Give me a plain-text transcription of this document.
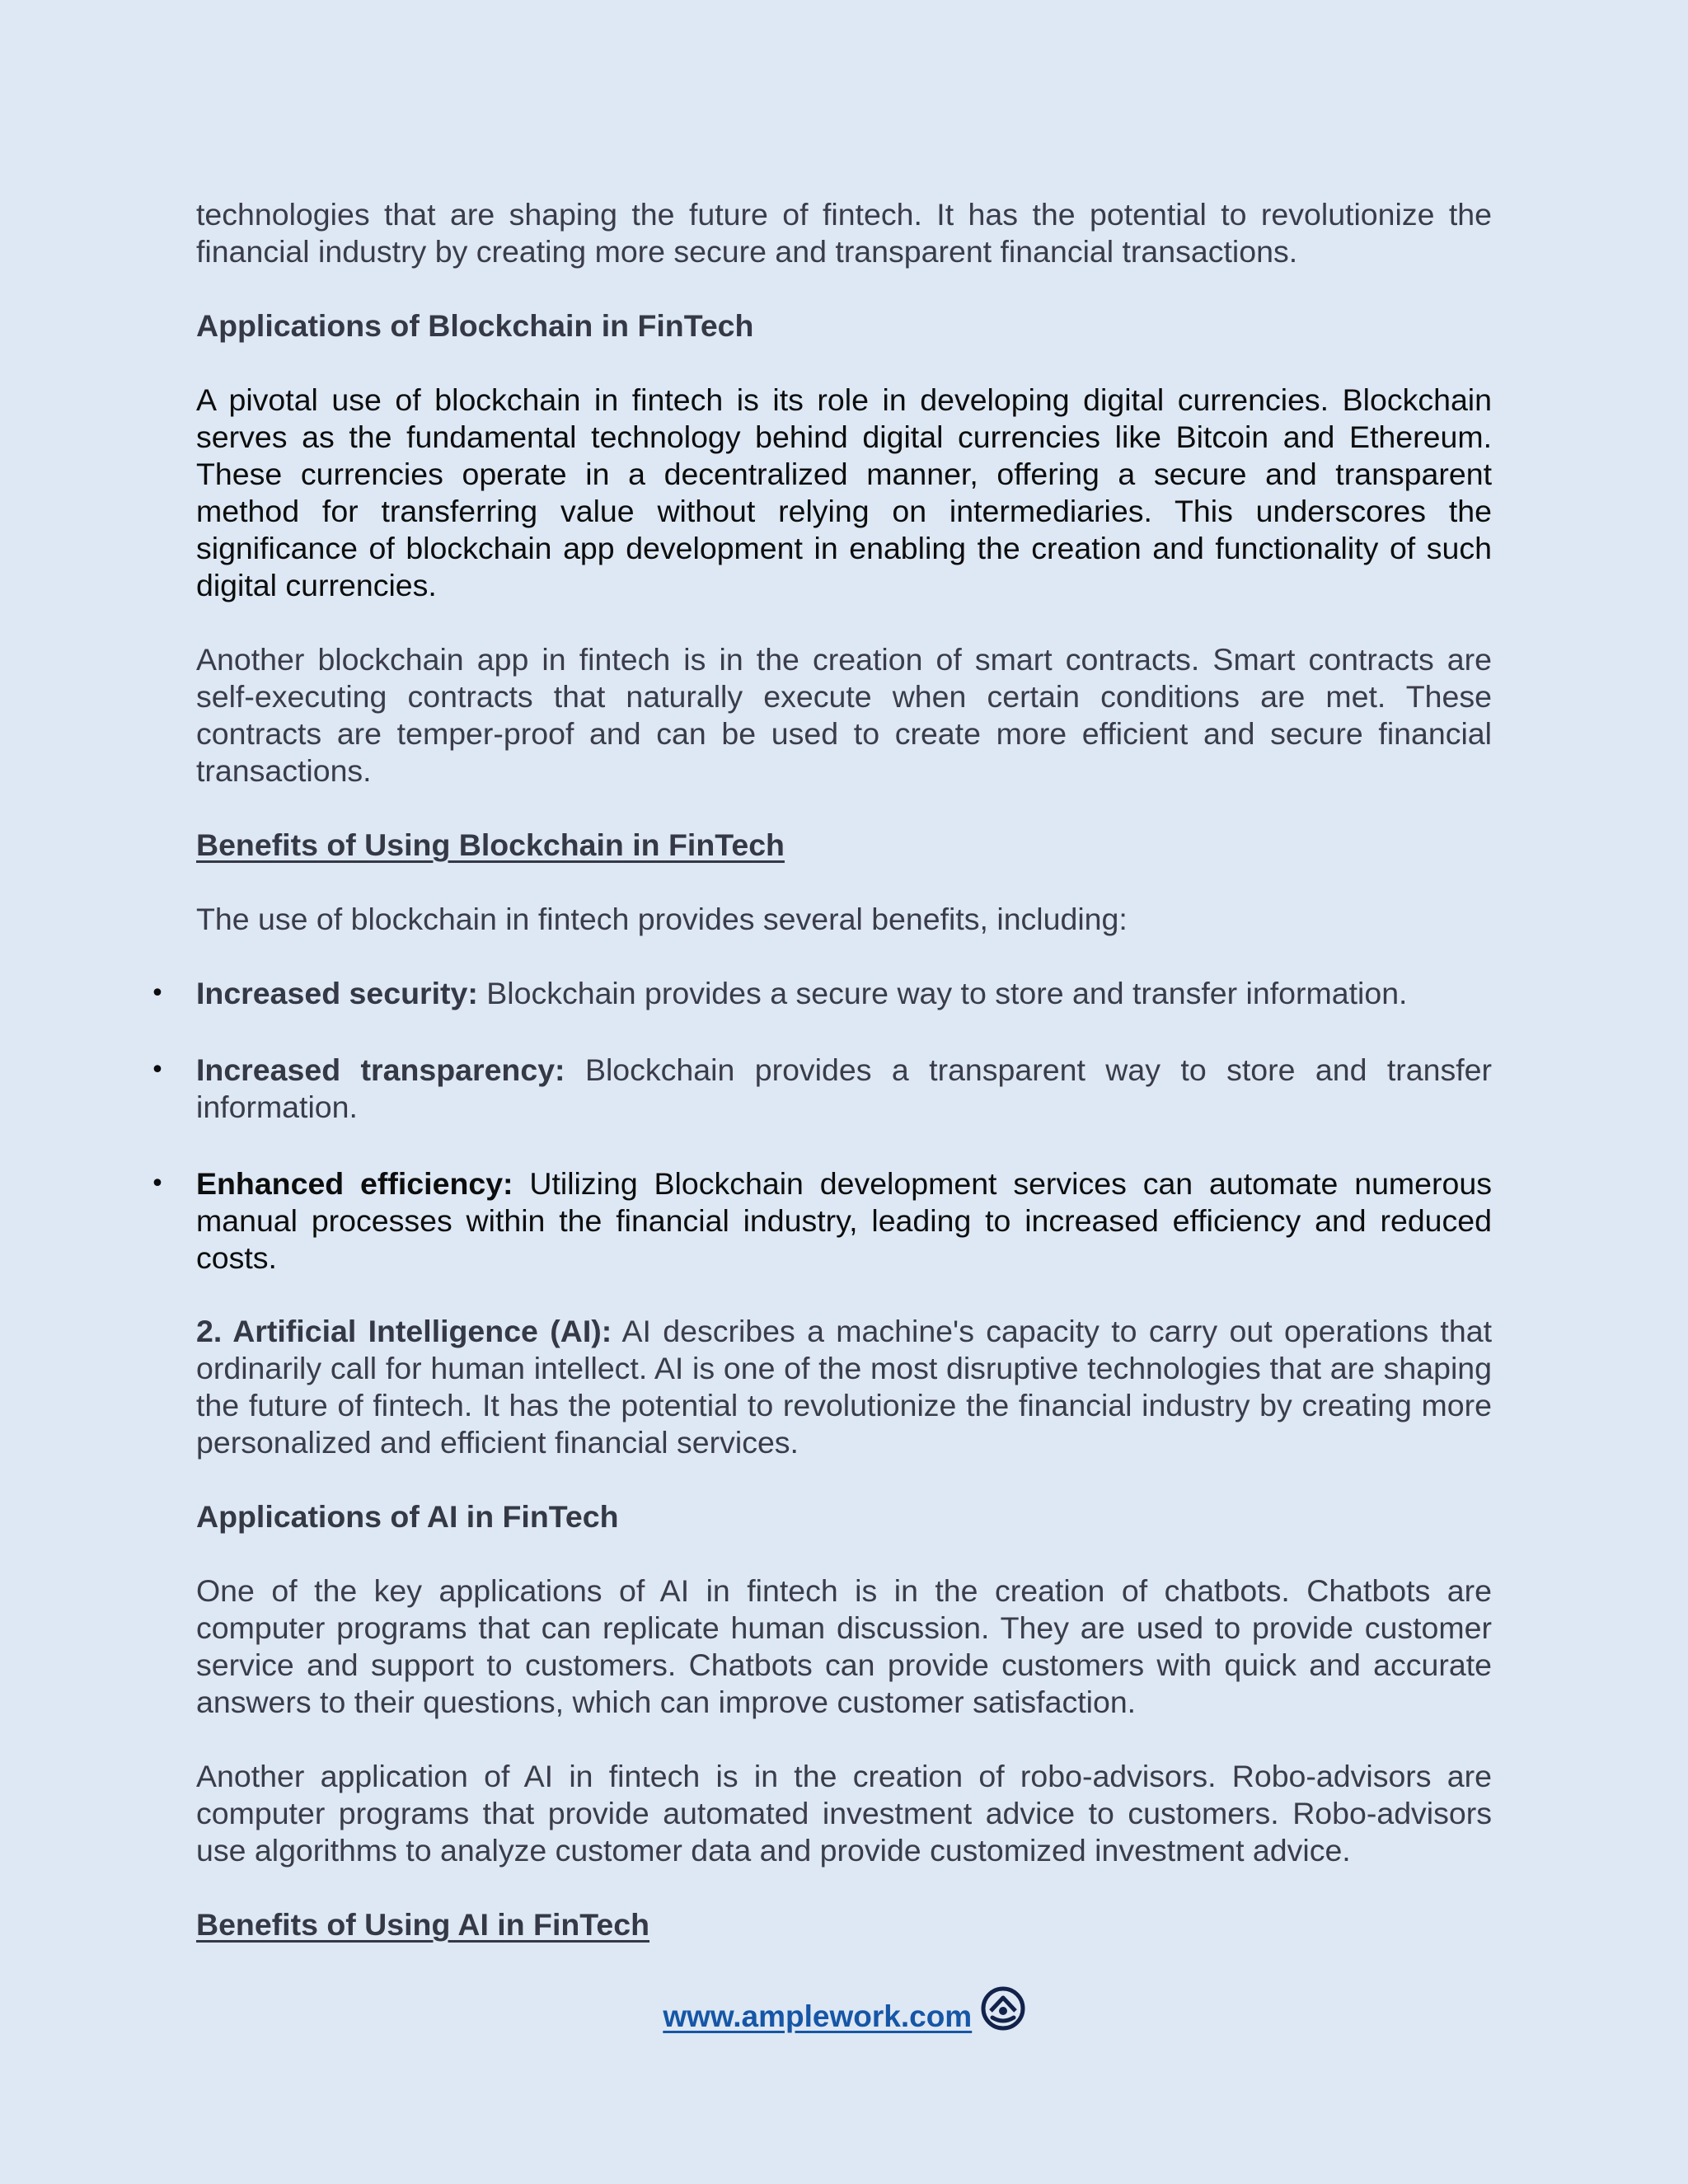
technologies that are shaping the future of fintech. It has the potential to revolutionize the financial industry by creating more secure and transparent financial transactions.

Applications of Blockchain in FinTech

A pivotal use of blockchain in fintech is its role in developing digital currencies. Blockchain serves as the fundamental technology behind digital currencies like Bitcoin and Ethereum. These currencies operate in a decentralized manner, offering a secure and transparent method for transferring value without relying on intermediaries. This underscores the significance of blockchain app development in enabling the creation and functionality of such digital currencies.

Another blockchain app in fintech is in the creation of smart contracts. Smart contracts are self-executing contracts that naturally execute when certain conditions are met. These contracts are temper-proof and can be used to create more efficient and secure financial transactions.

Benefits of Using Blockchain in FinTech

The use of blockchain in fintech provides several benefits, including:

• Increased security: Blockchain provides a secure way to store and transfer information.
• Increased transparency: Blockchain provides a transparent way to store and transfer information.
• Enhanced efficiency: Utilizing Blockchain development services can automate numerous manual processes within the financial industry, leading to increased efficiency and reduced costs.

2. Artificial Intelligence (AI): AI describes a machine's capacity to carry out operations that ordinarily call for human intellect. AI is one of the most disruptive technologies that are shaping the future of fintech. It has the potential to revolutionize the financial industry by creating more personalized and efficient financial services.

Applications of AI in FinTech

One of the key applications of AI in fintech is in the creation of chatbots. Chatbots are computer programs that can replicate human discussion. They are used to provide customer service and support to customers. Chatbots can provide customers with quick and accurate answers to their questions, which can improve customer satisfaction.

Another application of AI in fintech is in the creation of robo-advisors. Robo-advisors are computer programs that provide automated investment advice to customers. Robo-advisors use algorithms to analyze customer data and provide customized investment advice.

Benefits of Using AI in FinTech
www.amplework.com
